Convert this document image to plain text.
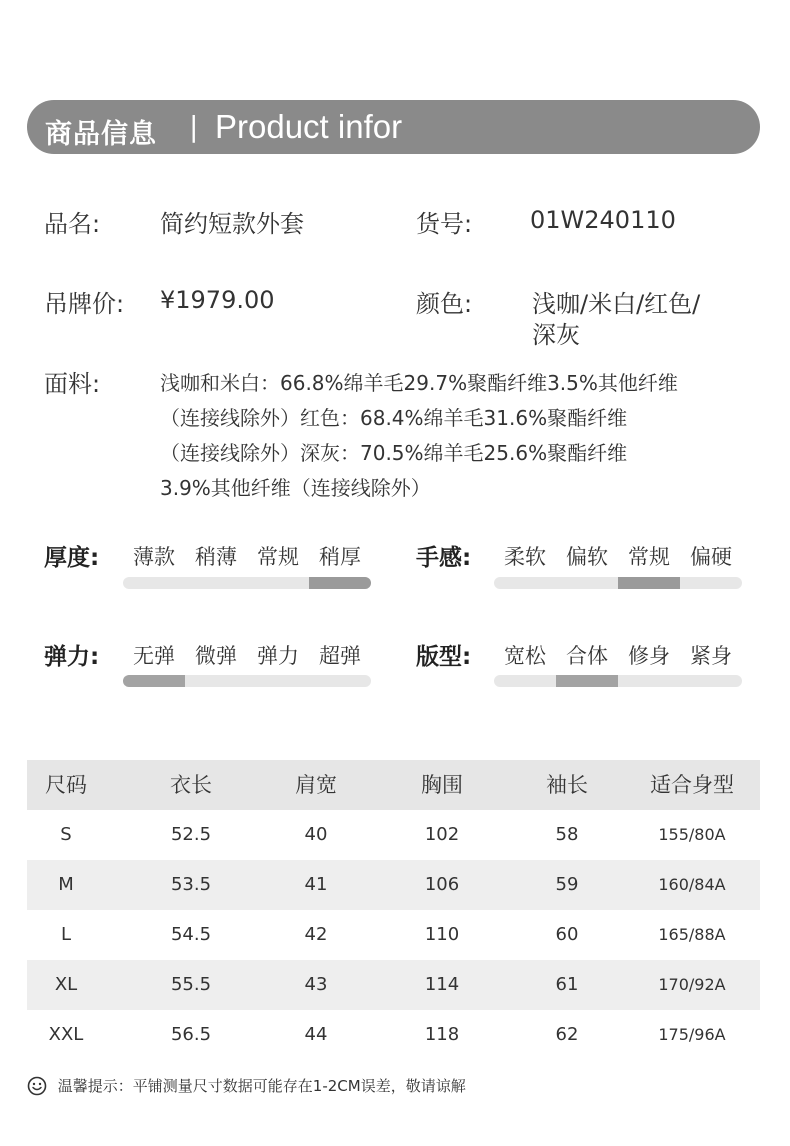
商品信息 | Product infor
品名: 简约短款外套	货号: 01W240110
吊牌价: ¥1979.00	颜色: 浅咖/米白/红色/
深灰
面料:	浅咖和米白：66.8%绵羊毛29.7%聚酯纤维3.5%其他纤维
（连接线除外）红色：68.4%绵羊毛31.6%聚酯纤维
（连接线除外）深灰：70.5%绵羊毛25.6%聚酯纤维
3.9%其他纤维（连接线除外）
厚度:	薄款 稍薄 常规 稍厚	手感:	柔软 偏软 常规 偏硬
弹力:	无弹 微弹 弹力 超弹	版型:	宽松 合体 修身 紧身
尺码	衣长	肩宽	胸围	袖长	适合身型
S	52.5	40	102	58	155/80A
M	53.5	41	106	59	160/84A
L	54.5	42	110	60	165/88A
XL	55.5	43	114	61	170/92A
XXL	56.5	44	118	62	175/96A
温馨提示：平铺测量尺寸数据可能存在1-2CM误差，敬请谅解
